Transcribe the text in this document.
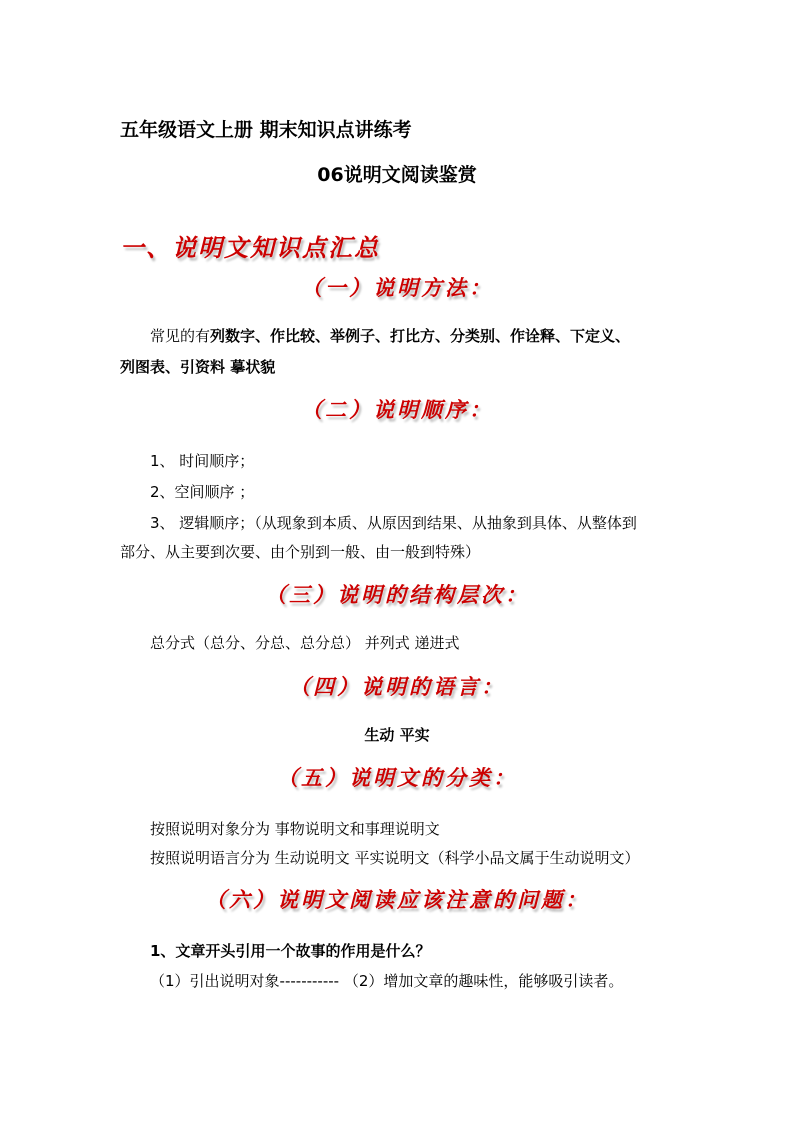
五年级语文上册 期末知识点讲练考
06说明文阅读鉴赏
一、说明文知识点汇总
（一）说明方法：
常见的有列数字、作比较、举例子、打比方、分类别、作诠释、下定义、
列图表、引资料 摹状貌
（二）说明顺序：
1、 时间顺序；
2、空间顺序 ；
3、 逻辑顺序；（从现象到本质、从原因到结果、从抽象到具体、从整体到
部分、从主要到次要、由个别到一般、由一般到特殊）
（三）说明的结构层次：
总分式（总分、分总、总分总） 并列式 递进式
（四）说明的语言：
生动 平实
（五）说明文的分类：
按照说明对象分为 事物说明文和事理说明文
按照说明语言分为 生动说明文 平实说明文（科学小品文属于生动说明文）
（六）说明文阅读应该注意的问题：
1、文章开头引用一个故事的作用是什么？
（1）引出说明对象----------- （2）增加文章的趣味性，能够吸引读者。
